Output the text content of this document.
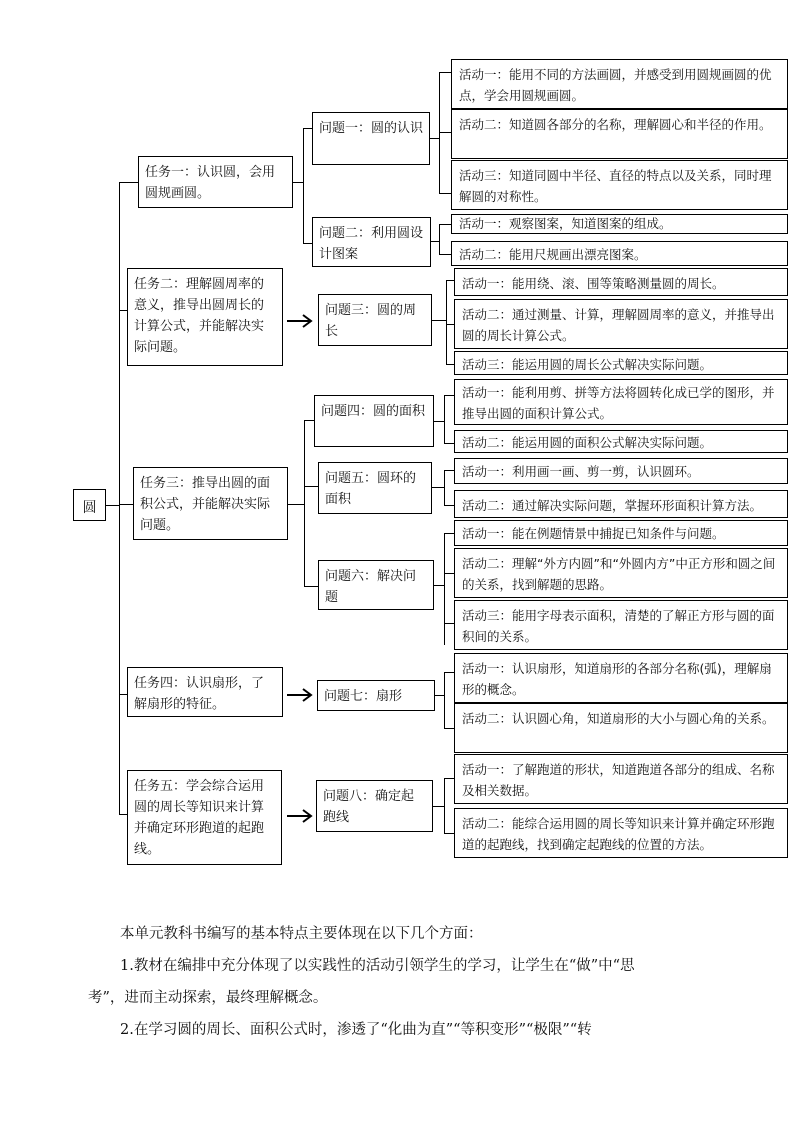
圆
任务一：认识圆，会用圆规画圆。
任务二：理解圆周率的意义，推导出圆周长的计算公式，并能解决实际问题。
任务三：推导出圆的面积公式，并能解决实际问题。
任务四：认识扇形，了解扇形的特征。
任务五：学会综合运用圆的周长等知识来计算并确定环形跑道的起跑线。
问题一：圆的认识
问题二：利用圆设计图案
问题三：圆的周长
问题四：圆的面积
问题五：圆环的面积
问题六：解决问题
问题七：扇形
问题八：确定起跑线
活动一：能用不同的方法画圆，并感受到用圆规画圆的优点，学会用圆规画圆。
活动二：知道圆各部分的名称，理解圆心和半径的作用。
活动三：知道同圆中半径、直径的特点以及关系，同时理解圆的对称性。
活动一：观察图案，知道图案的组成。
活动二：能用尺规画出漂亮图案。
活动一：能用绕、滚、围等策略测量圆的周长。
活动二：通过测量、计算，理解圆周率的意义，并推导出圆的周长计算公式。
活动三：能运用圆的周长公式解决实际问题。
活动一：能利用剪、拼等方法将圆转化成已学的图形，并推导出圆的面积计算公式。
活动二：能运用圆的面积公式解决实际问题。
活动一：利用画一画、剪一剪，认识圆环。
活动二：通过解决实际问题，掌握环形面积计算方法。
活动一：能在例题情景中捕捉已知条件与问题。
活动二：理解“外方内圆”和“外圆内方”中正方形和圆之间的关系，找到解题的思路。
活动三：能用字母表示面积，清楚的了解正方形与圆的面积间的关系。
活动一：认识扇形，知道扇形的各部分名称(弧)，理解扇形的概念。
活动二：认识圆心角，知道扇形的大小与圆心角的关系。
活动一：了解跑道的形状，知道跑道各部分的组成、名称及相关数据。
活动二：能综合运用圆的周长等知识来计算并确定环形跑道的起跑线，找到确定起跑线的位置的方法。

本单元教科书编写的基本特点主要体现在以下几个方面：

1.教材在编排中充分体现了以实践性的活动引领学生的学习，让学生在“做”中“思

考”，进而主动探索，最终理解概念。

2.在学习圆的周长、面积公式时，渗透了“化曲为直”“等积变形”“极限”“转
